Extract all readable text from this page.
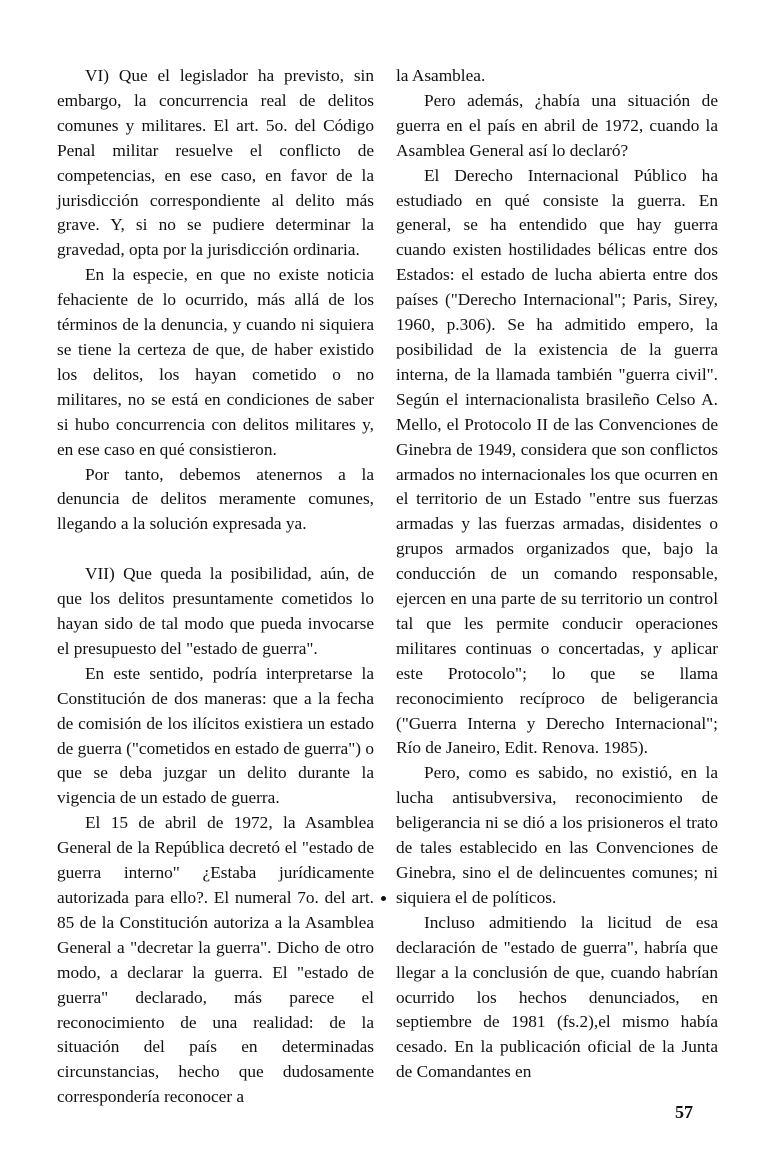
VI) Que el legislador ha previsto, sin embargo, la concurrencia real de delitos comunes y militares. El art. 5o. del Código Penal militar resuelve el conflicto de competencias, en ese caso, en favor de la jurisdicción correspondiente al delito más grave. Y, si no se pudiere determinar la gravedad, opta por la jurisdicción ordinaria.

En la especie, en que no existe noticia fehaciente de lo ocurrido, más allá de los términos de la denuncia, y cuando ni siquiera se tiene la certeza de que, de haber existido los delitos, los hayan cometido o no militares, no se está en condiciones de saber si hubo concurrencia con delitos militares y, en ese caso en qué consistieron.

Por tanto, debemos atenernos a la denuncia de delitos meramente comunes, llegando a la solución expresada ya.

VII) Que queda la posibilidad, aún, de que los delitos presuntamente cometidos lo hayan sido de tal modo que pueda invocarse el presupuesto del "estado de guerra".

En este sentido, podría interpretarse la Constitución de dos maneras: que a la fecha de comisión de los ilícitos existiera un estado de guerra ("cometidos en estado de guerra") o que se deba juzgar un delito durante la vigencia de un estado de guerra.

El 15 de abril de 1972, la Asamblea General de la República decretó el "estado de guerra interno" ¿Estaba jurídicamente autorizada para ello?. El numeral 7o. del art. 85 de la Constitución autoriza a la Asamblea General a "decretar la guerra". Dicho de otro modo, a declarar la guerra. El "estado de guerra" declarado, más parece el reconocimiento de una realidad: de la situación del país en determinadas circunstancias, hecho que dudosamente correspondería reconocer a

la Asamblea.

Pero además, ¿había una situación de guerra en el país en abril de 1972, cuando la Asamblea General así lo declaró?

El Derecho Internacional Público ha estudiado en qué consiste la guerra. En general, se ha entendido que hay guerra cuando existen hostilidades bélicas entre dos Estados: el estado de lucha abierta entre dos países ("Derecho Internacional"; Paris, Sirey, 1960, p.306). Se ha admitido empero, la posibilidad de la existencia de la guerra interna, de la llamada también "guerra civil". Según el internacionalista brasileño Celso A. Mello, el Protocolo II de las Convenciones de Ginebra de 1949, considera que son conflictos armados no internacionales los que ocurren en el territorio de un Estado "entre sus fuerzas armadas y las fuerzas armadas, disidentes o grupos armados organizados que, bajo la conducción de un comando responsable, ejercen en una parte de su territorio un control tal que les permite conducir operaciones militares continuas o concertadas, y aplicar este Protocolo"; lo que se llama reconocimiento recíproco de beligerancia ("Guerra Interna y Derecho Internacional"; Río de Janeiro, Edit. Renova. 1985).

Pero, como es sabido, no existió, en la lucha antisubversiva, reconocimiento de beligerancia ni se dió a los prisioneros el trato de tales establecido en las Convenciones de Ginebra, sino el de delincuentes comunes; ni siquiera el de políticos.

Incluso admitiendo la licitud de esa declaración de "estado de guerra", habría que llegar a la conclusión de que, cuando habrían ocurrido los hechos denunciados, en septiembre de 1981 (fs.2),el mismo había cesado. En la publicación oficial de la Junta de Comandantes en

57
